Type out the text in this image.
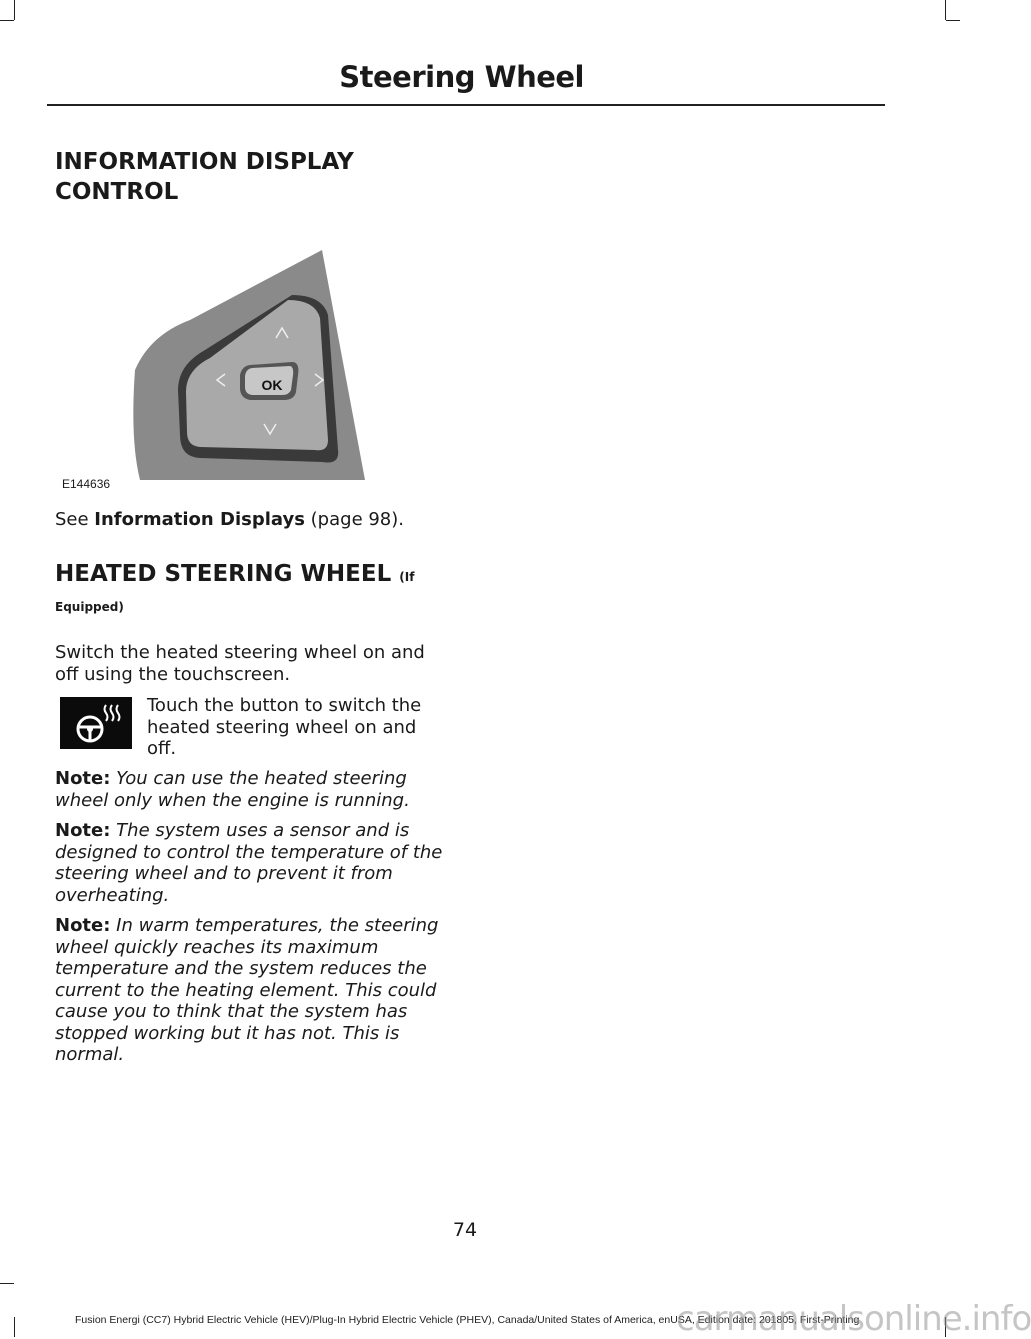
Steering Wheel
INFORMATION DISPLAY
CONTROL
OK
E144636

See Information Displays (page 98).

HEATED STEERING WHEEL (If
Equipped)

Switch the heated steering wheel on and off using the touchscreen.

Touch the button to switch the heated steering wheel on and off.

Note: You can use the heated steering wheel only when the engine is running.

Note: The system uses a sensor and is designed to control the temperature of the steering wheel and to prevent it from overheating.

Note: In warm temperatures, the steering wheel quickly reaches its maximum temperature and the system reduces the current to the heating element. This could cause you to think that the system has stopped working but it has not. This is normal.

74
Fusion Energi (CC7) Hybrid Electric Vehicle (HEV)/Plug-In Hybrid Electric Vehicle (PHEV), Canada/United States of America, enUSA, Edition date: 201805, First-Printing
carmanualsonline.info
